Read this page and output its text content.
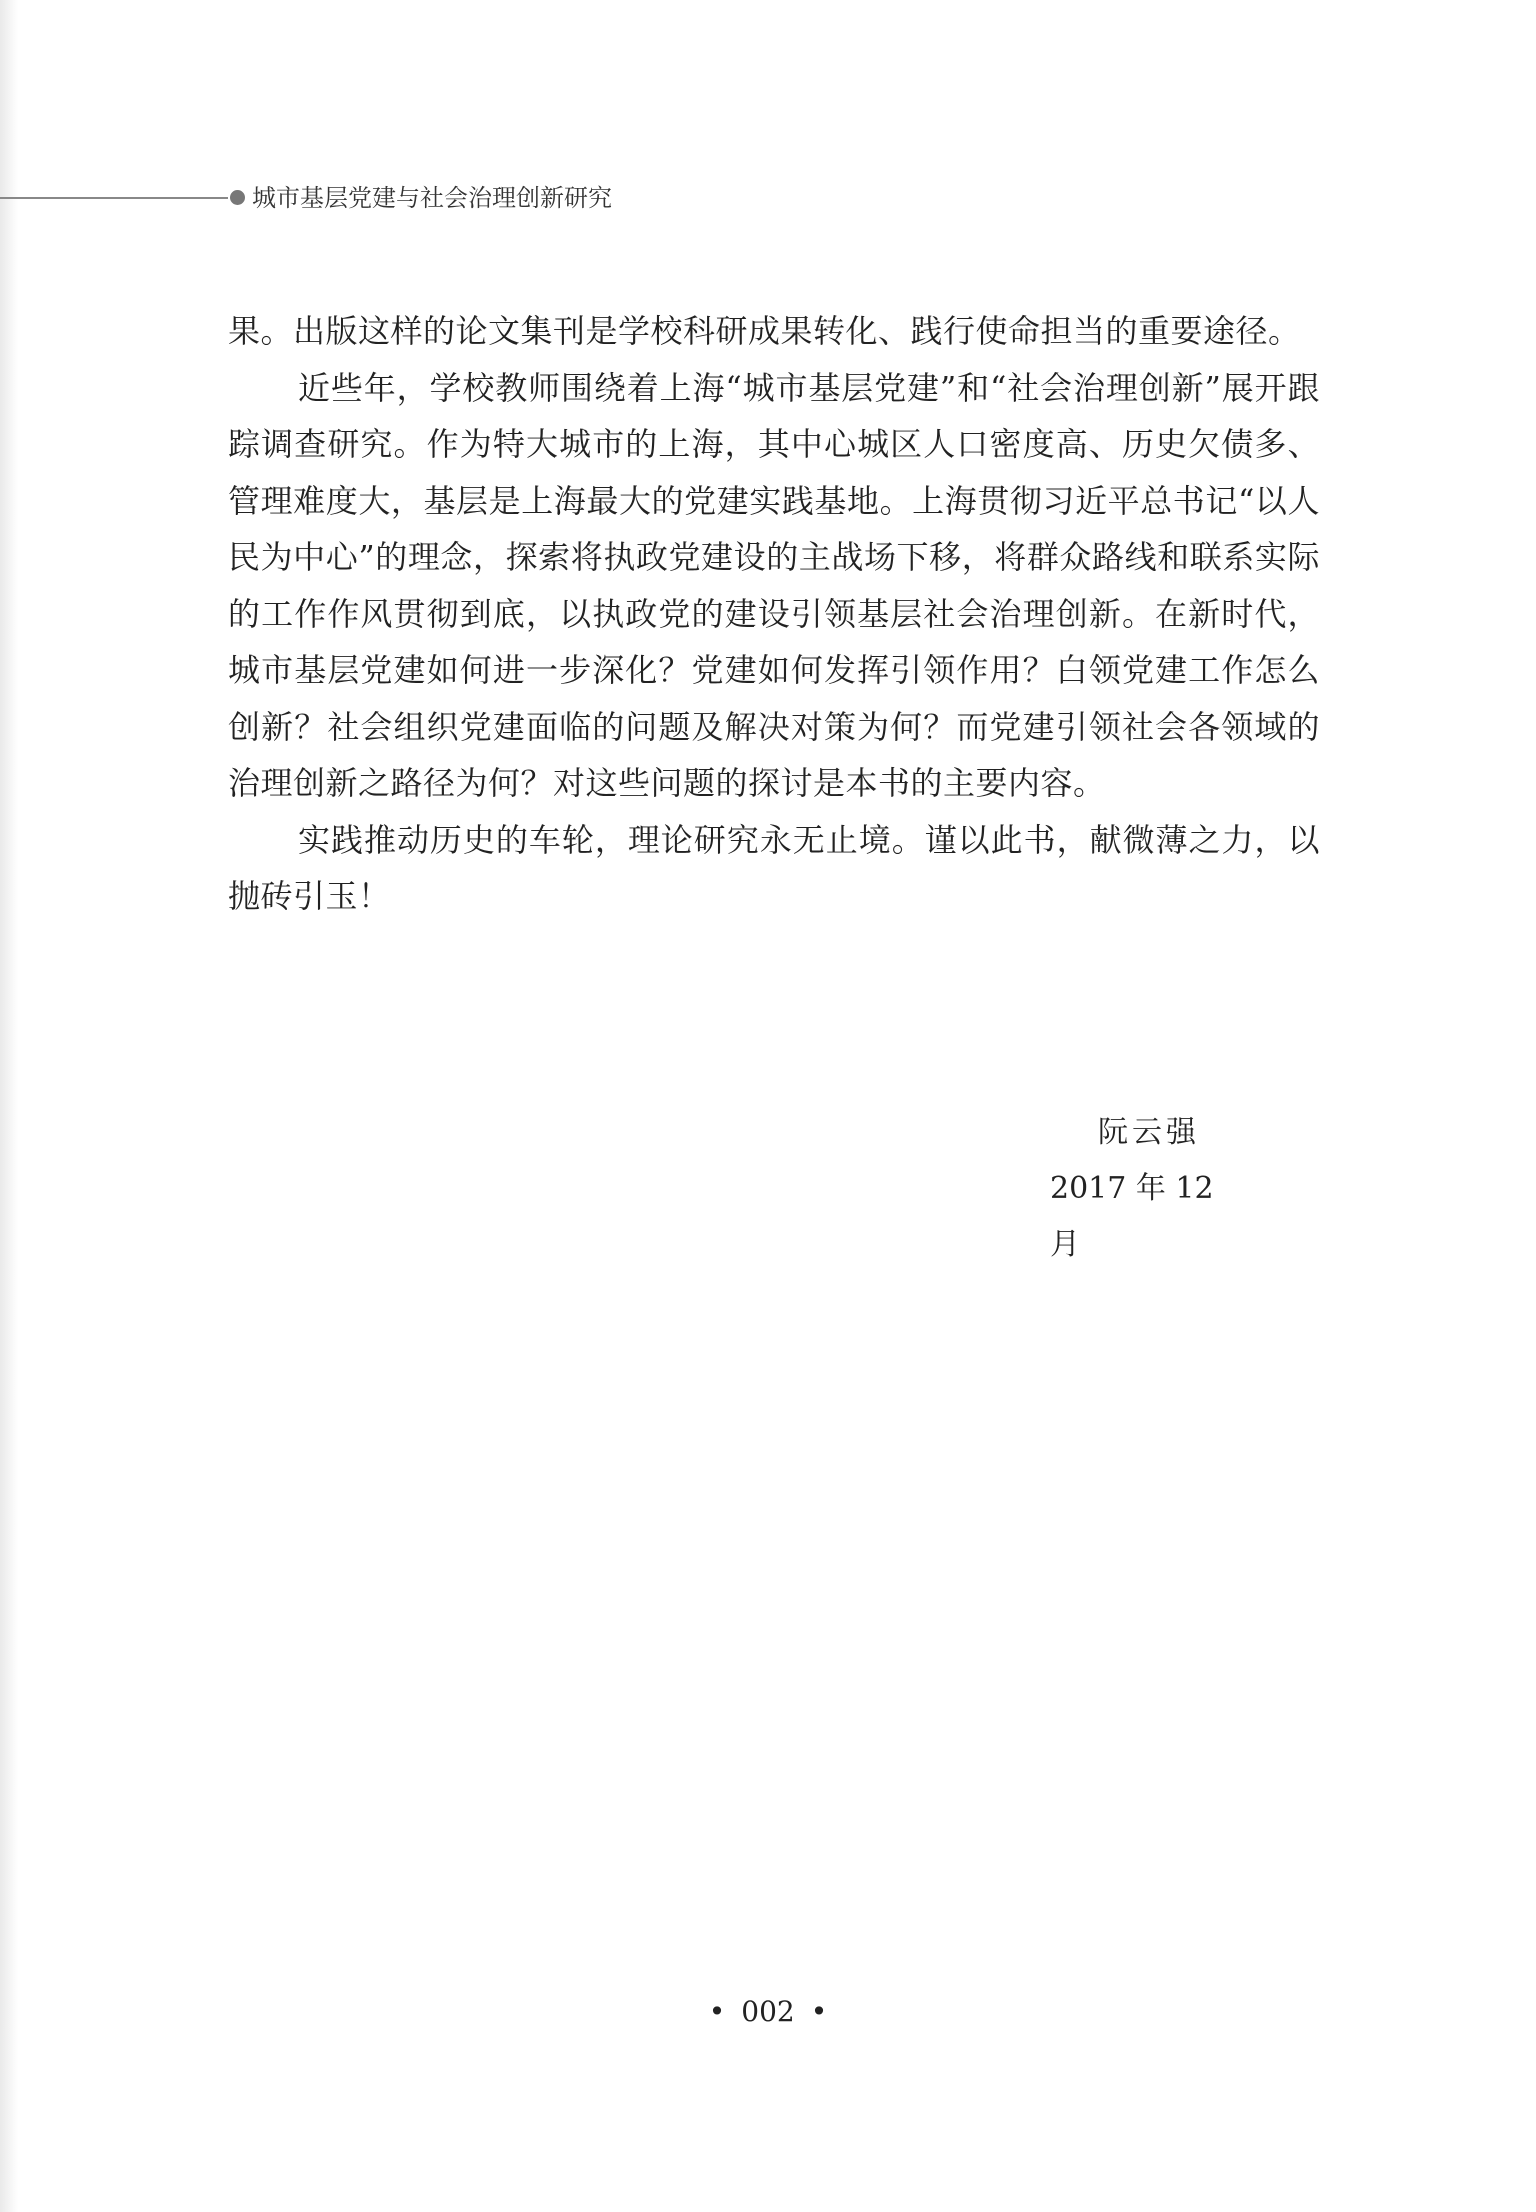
城市基层党建与社会治理创新研究

果。出版这样的论文集刊是学校科研成果转化、践行使命担当的重要途径。

近些年，学校教师围绕着上海“城市基层党建”和“社会治理创新”展开跟踪调查研究。作为特大城市的上海，其中心城区人口密度高、历史欠债多、管理难度大，基层是上海最大的党建实践基地。上海贯彻习近平总书记“以人民为中心”的理念，探索将执政党建设的主战场下移，将群众路线和联系实际的工作作风贯彻到底，以执政党的建设引领基层社会治理创新。在新时代，城市基层党建如何进一步深化？党建如何发挥引领作用？白领党建工作怎么创新？社会组织党建面临的问题及解决对策为何？而党建引领社会各领域的治理创新之路径为何？对这些问题的探讨是本书的主要内容。

实践推动历史的车轮，理论研究永无止境。谨以此书，献微薄之力，以抛砖引玉！

阮云强
2017 年 12 月
• 002 •
